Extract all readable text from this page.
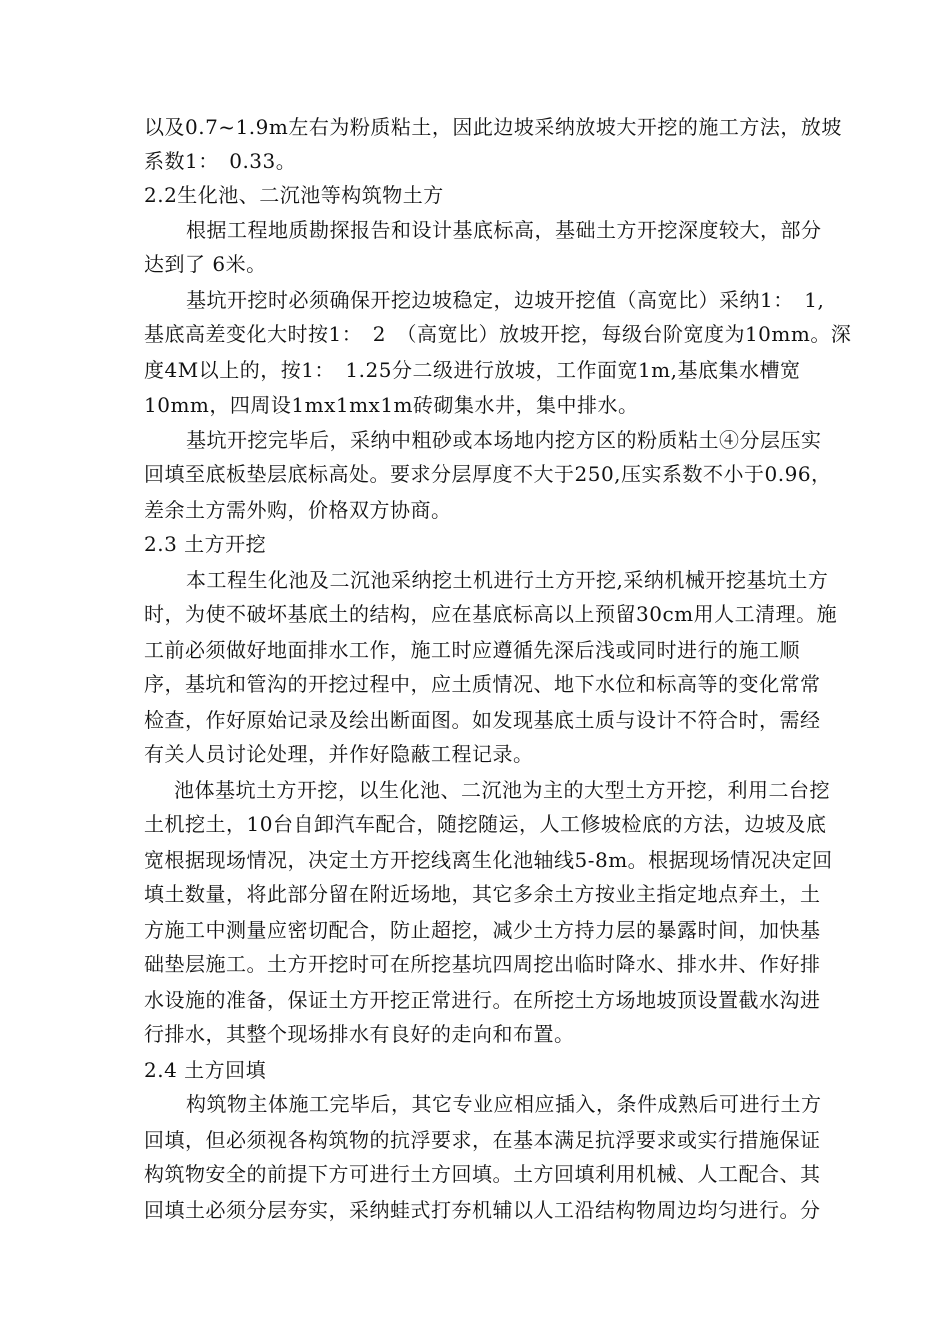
以及0.7~1.9m左右为粉质粘土，因此边坡采纳放坡大开挖的施工方法，放坡
系数1：　0.33。
2.2生化池、二沉池等构筑物土方
根据工程地质勘探报告和设计基底标高，基础土方开挖深度较大，部分
达到了 6米。
基坑开挖时必须确保开挖边坡稳定，边坡开挖值（高宽比）采纳1：　1,
基底高差变化大时按1：　2　（高宽比）放坡开挖，每级台阶宽度为10mm。深
度4M以上的，按1：　1.25分二级进行放坡，工作面宽1m,基底集水槽宽
10mm，四周设1mx1mx1m砖砌集水井，集中排水。
基坑开挖完毕后，采纳中粗砂或本场地内挖方区的粉质粘土④分层压实
回填至底板垫层底标高处。要求分层厚度不大于250,压实系数不小于0.96，
差余土方需外购，价格双方协商。
2.3 土方开挖
本工程生化池及二沉池采纳挖土机进行土方开挖,采纳机械开挖基坑土方
时，为使不破坏基底土的结构，应在基底标高以上预留30cm用人工清理。施
工前必须做好地面排水工作，施工时应遵循先深后浅或同时进行的施工顺
序，基坑和管沟的开挖过程中，应土质情况、地下水位和标高等的变化常常
检查，作好原始记录及绘出断面图。如发现基底土质与设计不符合时，需经
有关人员讨论处理，并作好隐蔽工程记录。
池体基坑土方开挖，以生化池、二沉池为主的大型土方开挖，利用二台挖
土机挖土，10台自卸汽车配合，随挖随运，人工修坡检底的方法，边坡及底
宽根据现场情况，决定土方开挖线离生化池轴线5-8m。根据现场情况决定回
填土数量，将此部分留在附近场地，其它多余土方按业主指定地点弃土，土
方施工中测量应密切配合，防止超挖，减少土方持力层的暴露时间，加快基
础垫层施工。土方开挖时可在所挖基坑四周挖出临时降水、排水井、作好排
水设施的准备，保证土方开挖正常进行。在所挖土方场地坡顶设置截水沟进
行排水，其整个现场排水有良好的走向和布置。
2.4 土方回填
构筑物主体施工完毕后，其它专业应相应插入，条件成熟后可进行土方
回填，但必须视各构筑物的抗浮要求，在基本满足抗浮要求或实行措施保证
构筑物安全的前提下方可进行土方回填。土方回填利用机械、人工配合、其
回填土必须分层夯实，采纳蛙式打夯机辅以人工沿结构物周边均匀进行。分
